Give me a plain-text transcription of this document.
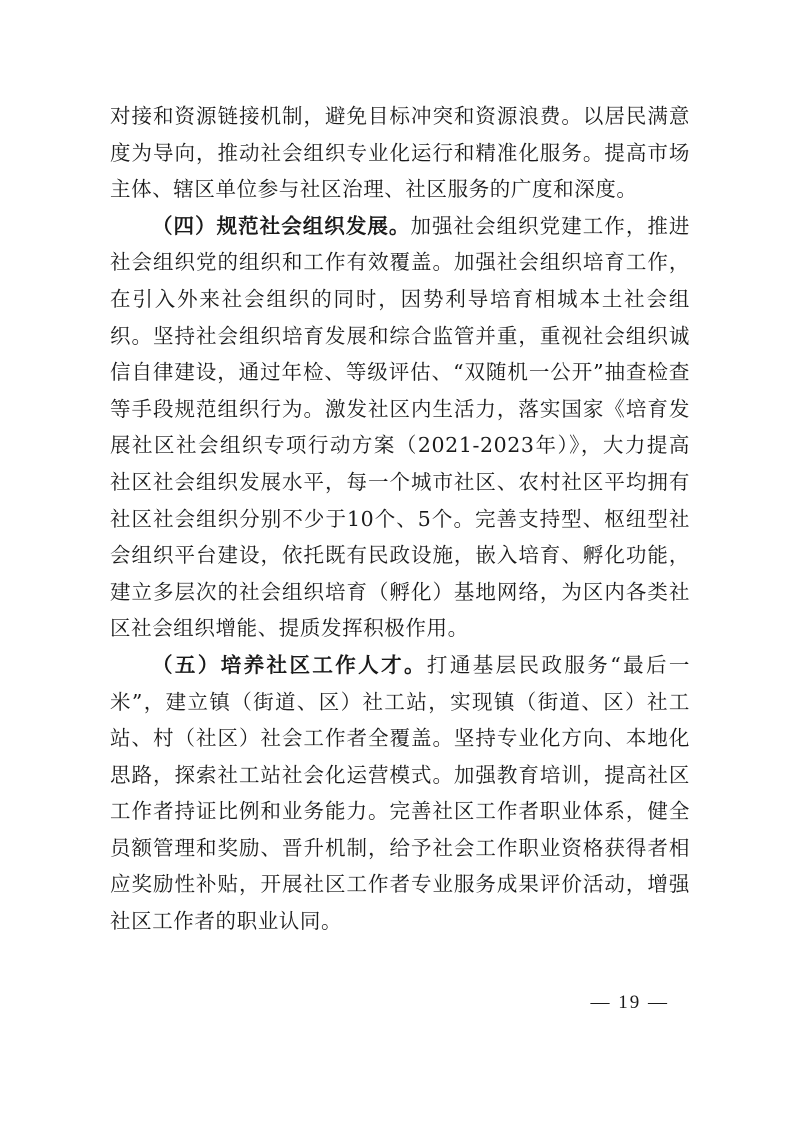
对接和资源链接机制，避免目标冲突和资源浪费。以居民满意度为导向，推动社会组织专业化运行和精准化服务。提高市场主体、辖区单位参与社区治理、社区服务的广度和深度。

（四）规范社会组织发展。加强社会组织党建工作，推进社会组织党的组织和工作有效覆盖。加强社会组织培育工作，在引入外来社会组织的同时，因势利导培育相城本土社会组织。坚持社会组织培育发展和综合监管并重，重视社会组织诚信自律建设，通过年检、等级评估、“双随机一公开”抽查检查等手段规范组织行为。激发社区内生活力，落实国家《培育发展社区社会组织专项行动方案（2021-2023年）》，大力提高社区社会组织发展水平，每一个城市社区、农村社区平均拥有社区社会组织分别不少于10个、5个。完善支持型、枢纽型社会组织平台建设，依托既有民政设施，嵌入培育、孵化功能，建立多层次的社会组织培育（孵化）基地网络，为区内各类社区社会组织增能、提质发挥积极作用。

（五）培养社区工作人才。打通基层民政服务“最后一米”，建立镇（街道、区）社工站，实现镇（街道、区）社工站、村（社区）社会工作者全覆盖。坚持专业化方向、本地化思路，探索社工站社会化运营模式。加强教育培训，提高社区工作者持证比例和业务能力。完善社区工作者职业体系，健全员额管理和奖励、晋升机制，给予社会工作职业资格获得者相应奖励性补贴，开展社区工作者专业服务成果评价活动，增强社区工作者的职业认同。

— 19 —
